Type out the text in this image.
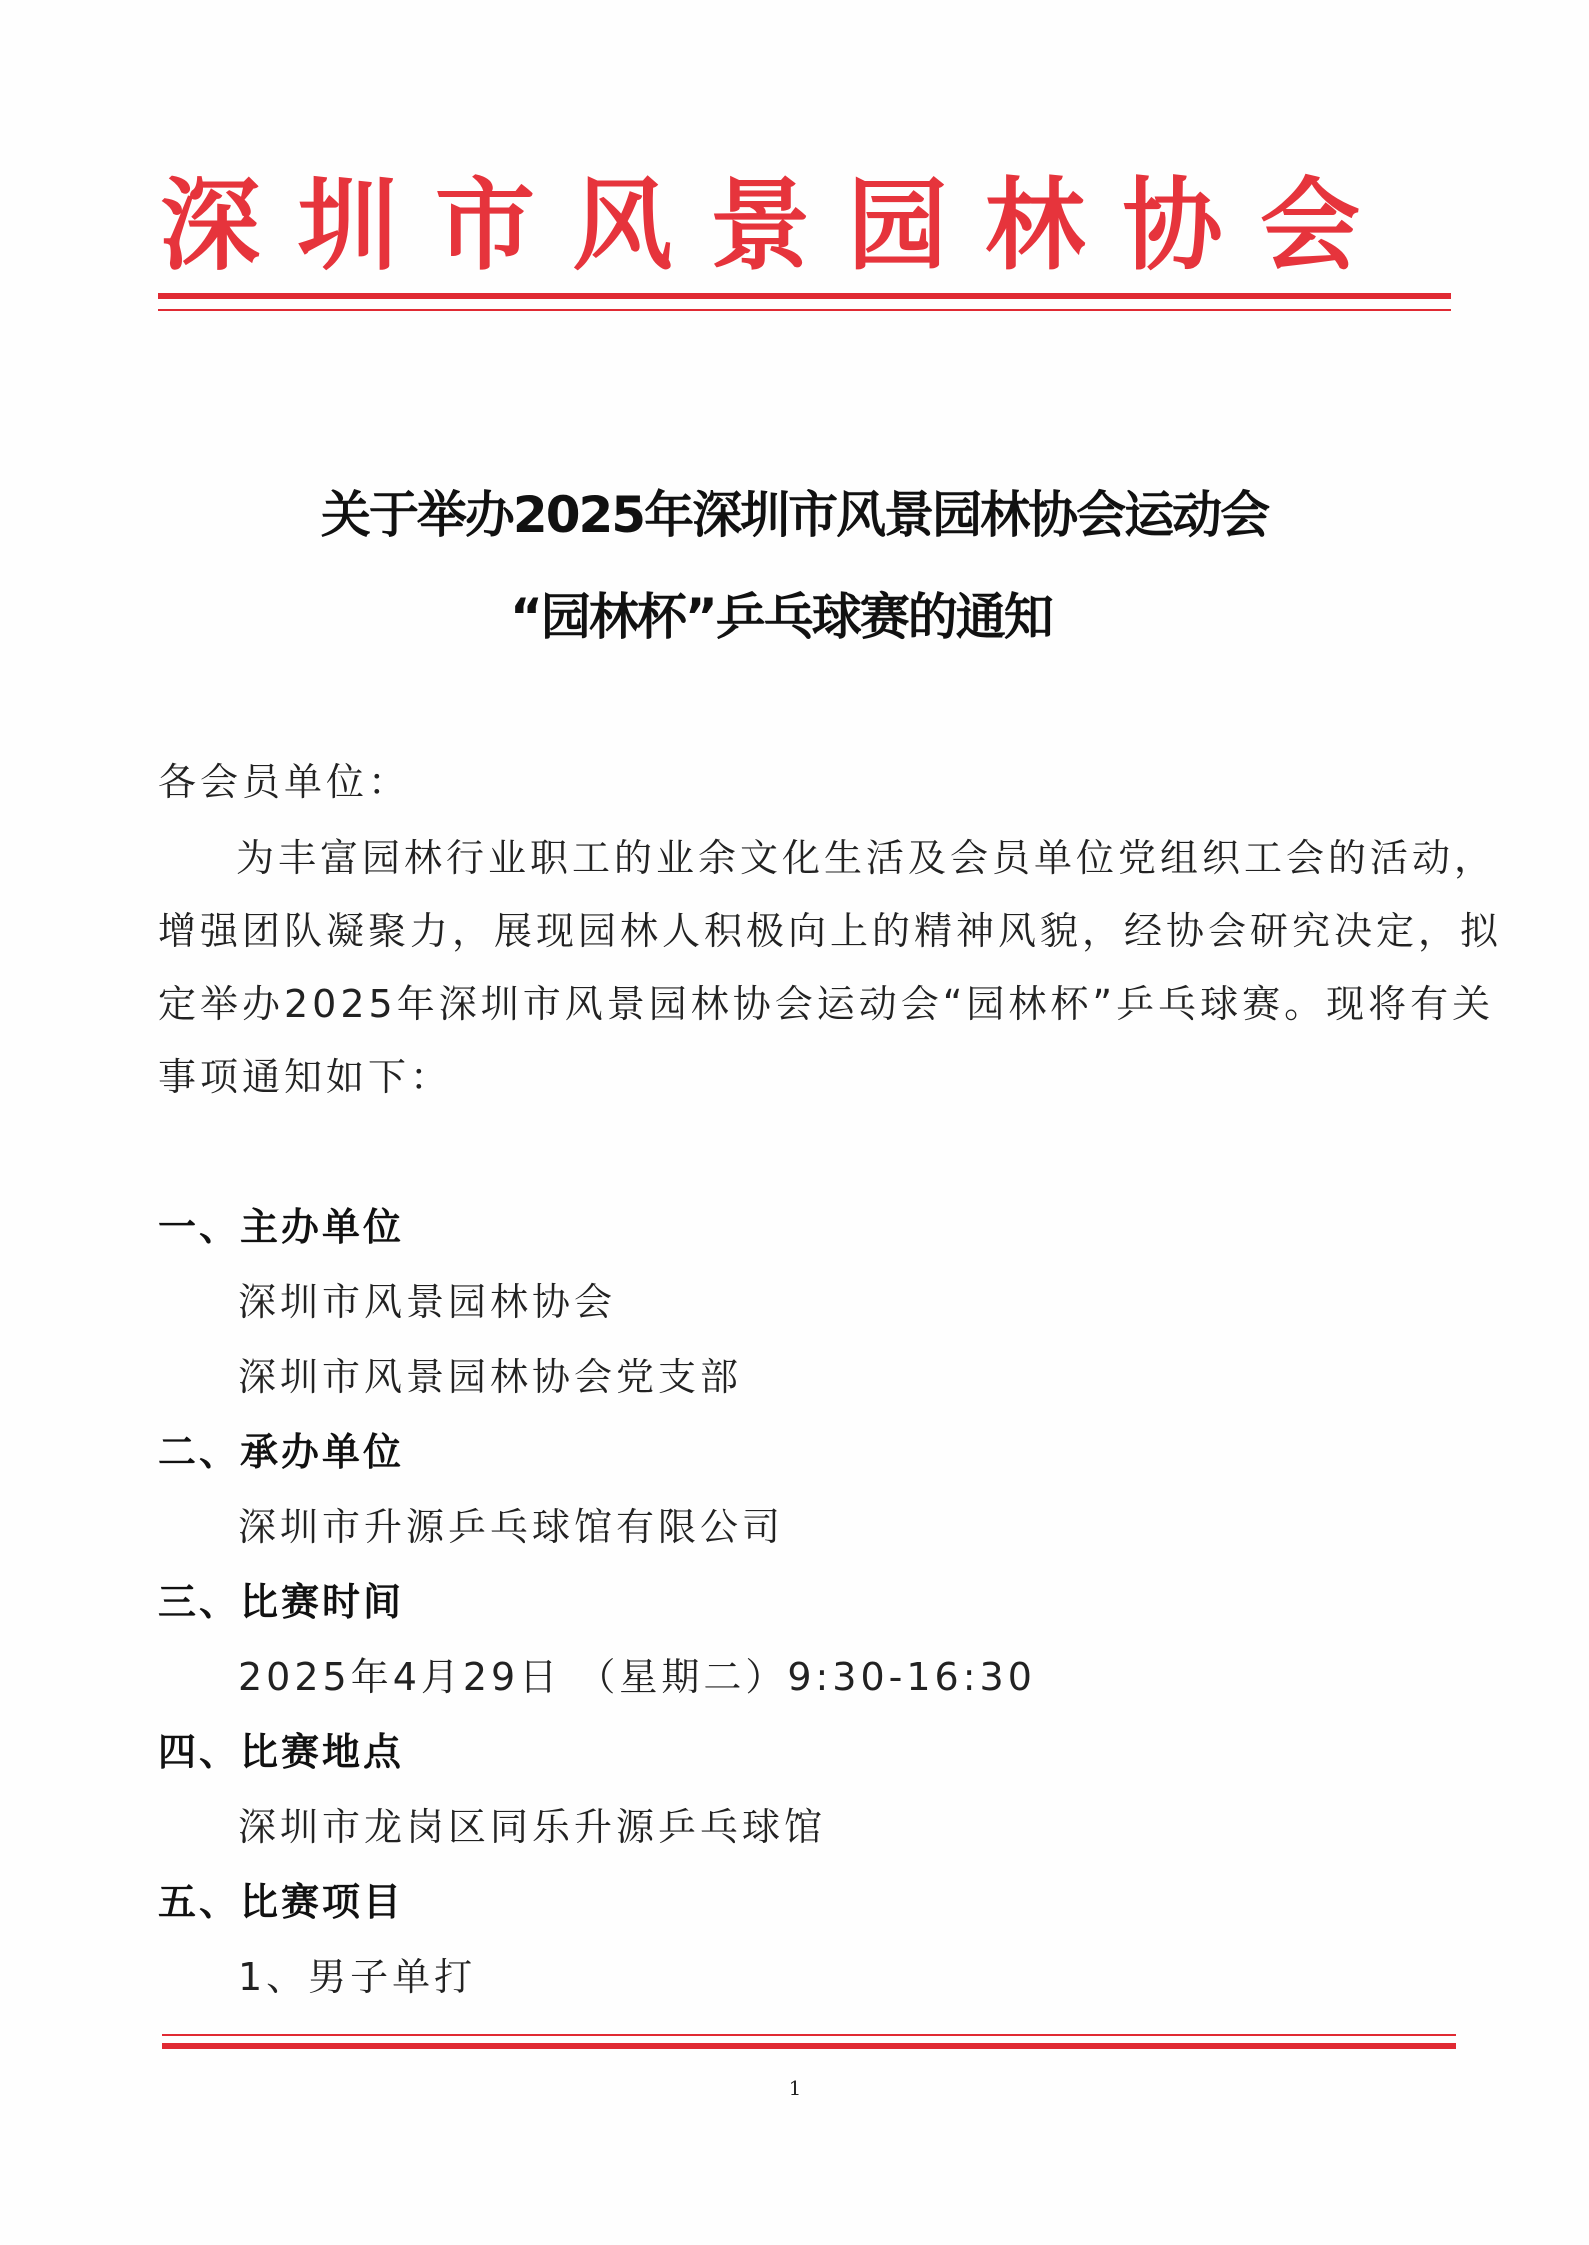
深 圳 市 风 景 园 林 协 会
关于举办2025年深圳市风景园林协会运动会
“园林杯”乒乓球赛的通知
各会员单位：
为丰富园林行业职工的业余文化生活及会员单位党组织工会的活动，
增强团队凝聚力，展现园林人积极向上的精神风貌，经协会研究决定，拟
定举办2025年深圳市风景园林协会运动会“园林杯”乒乓球赛。现将有关
事项通知如下：
一、主办单位
深圳市风景园林协会
深圳市风景园林协会党支部
二、承办单位
深圳市升源乒乓球馆有限公司
三、比赛时间
2025年4月29日 （星期二）9:30-16:30
四、比赛地点
深圳市龙岗区同乐升源乒乓球馆
五、比赛项目
1、男子单打
1
